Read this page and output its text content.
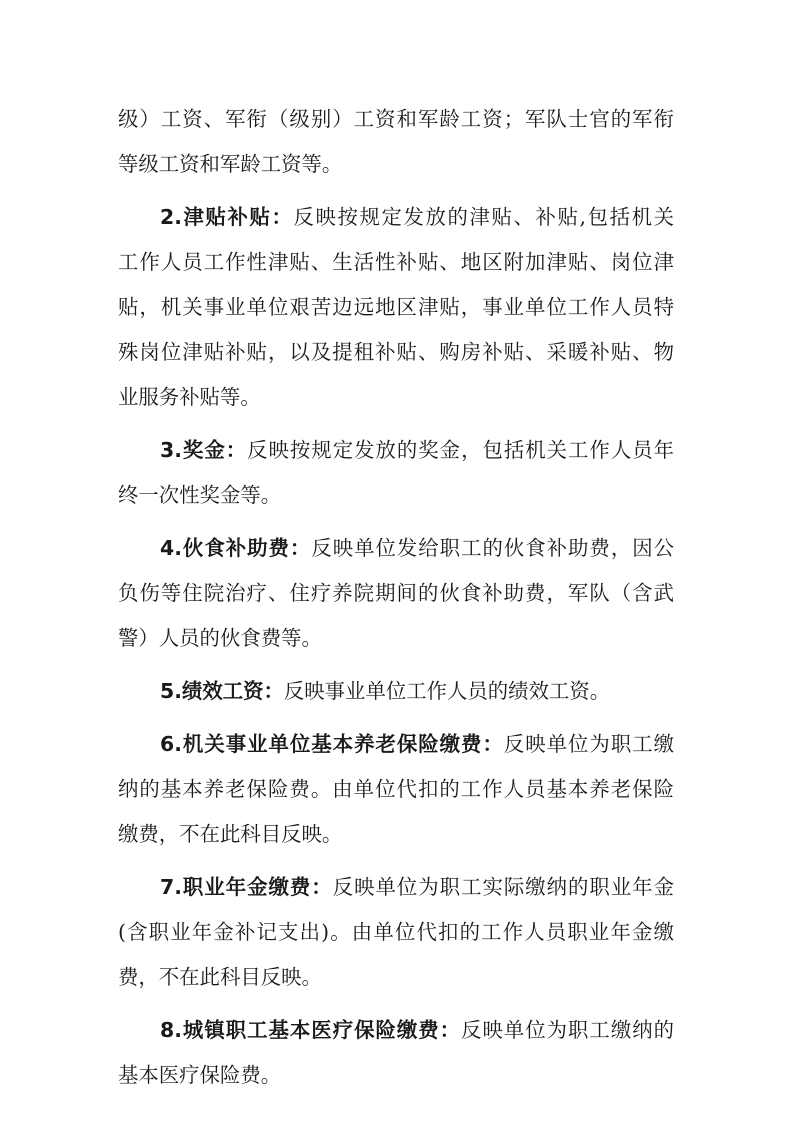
级）工资、军衔（级别）工资和军龄工资；军队士官的军衔
等级工资和军龄工资等。
2.津贴补贴：反映按规定发放的津贴、补贴,包括机关
工作人员工作性津贴、生活性补贴、地区附加津贴、岗位津
贴，机关事业单位艰苦边远地区津贴，事业单位工作人员特
殊岗位津贴补贴，以及提租补贴、购房补贴、采暖补贴、物
业服务补贴等。
3.奖金：反映按规定发放的奖金，包括机关工作人员年
终一次性奖金等。
4.伙食补助费：反映单位发给职工的伙食补助费，因公
负伤等住院治疗、住疗养院期间的伙食补助费，军队（含武
警）人员的伙食费等。
5.绩效工资：反映事业单位工作人员的绩效工资。
6.机关事业单位基本养老保险缴费：反映单位为职工缴
纳的基本养老保险费。由单位代扣的工作人员基本养老保险
缴费，不在此科目反映。
7.职业年金缴费：反映单位为职工实际缴纳的职业年金
(含职业年金补记支出)。由单位代扣的工作人员职业年金缴
费，不在此科目反映。
8.城镇职工基本医疗保险缴费：反映单位为职工缴纳的
基本医疗保险费。
